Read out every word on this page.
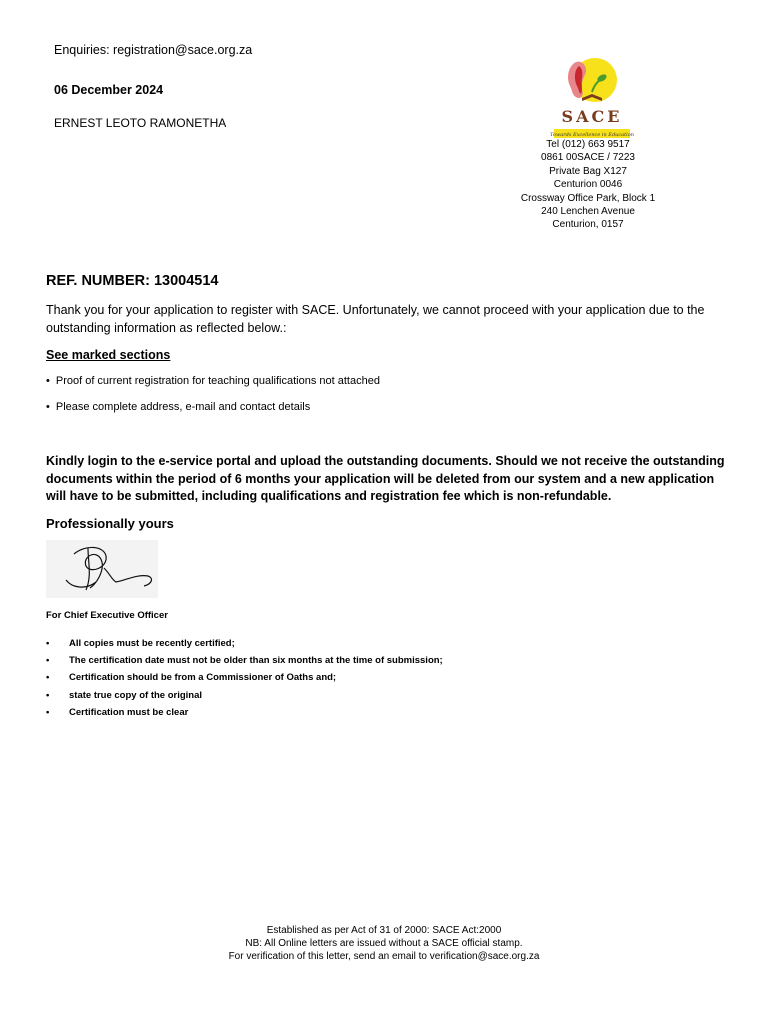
Enquiries: registration@sace.org.za
06 December 2024
ERNEST LEOTO RAMONETHA	SACE
Towards Excellence in Education
Tel (012) 663 9517
0861 00SACE / 7223
Private Bag X127
Centurion 0046
Crossway Office Park, Block 1
240 Lenchen Avenue
Centurion, 0157
REF. NUMBER: 13004514
Thank you for your application to register with SACE. Unfortunately, we cannot proceed with your application due to the outstanding information as reflected below.:
See marked sections
• Proof of current registration for teaching qualifications not attached
• Please complete address, e-mail and contact details
Kindly login to the e-service portal and upload the outstanding documents. Should we not receive the outstanding documents within the period of 6 months your application will be deleted from our system and a new application will have to be submitted, including qualifications and registration fee which is non-refundable.
Professionally yours
For Chief Executive Officer
• All copies must be recently certified;
• The certification date must not be older than six months at the time of submission;
• Certification should be from a Commissioner of Oaths and;
• state true copy of the original
• Certification must be clear
Established as per Act of 31 of 2000: SACE Act:2000
NB: All Online letters are issued without a SACE official stamp.
For verification of this letter, send an email to verification@sace.org.za
